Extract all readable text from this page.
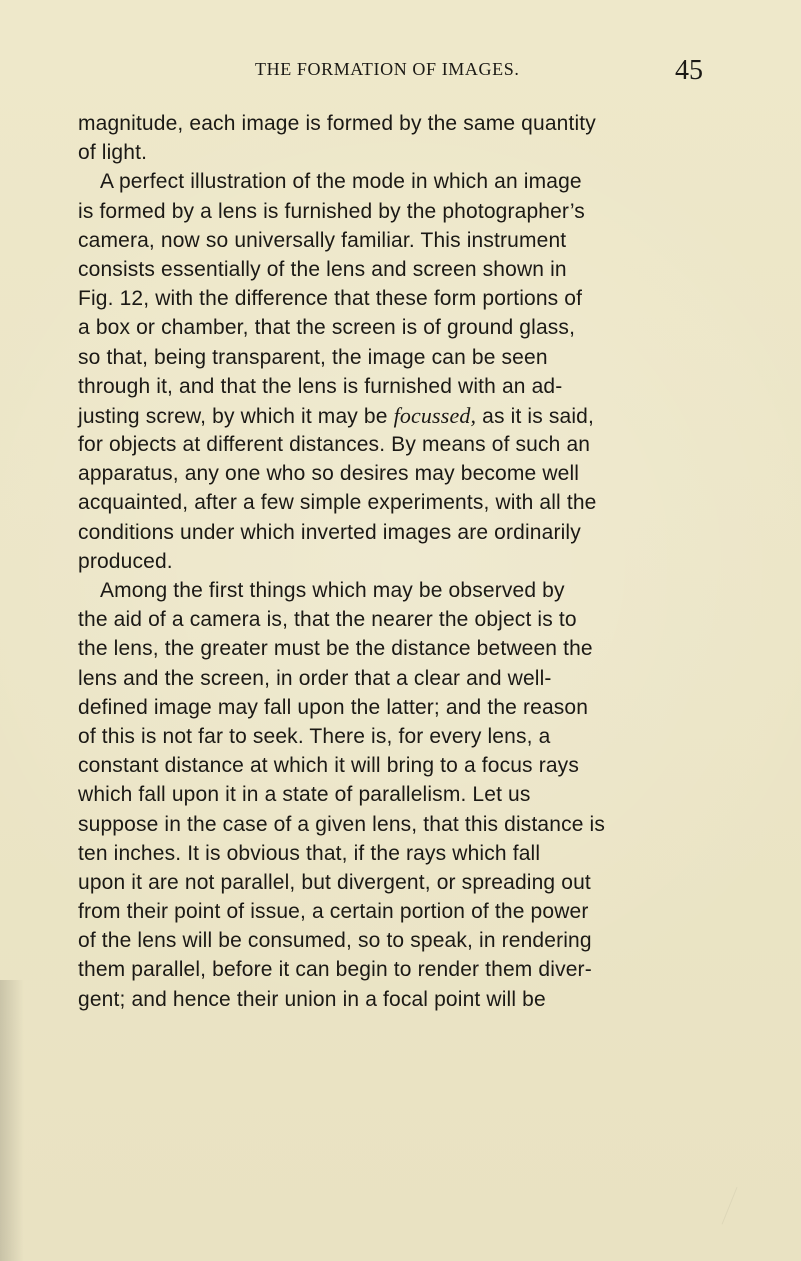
THE FORMATION OF IMAGES.	45
magnitude, each image is formed by the same quantity
of light.
A perfect illustration of the mode in which an image
is formed by a lens is furnished by the photographer’s
camera, now so universally familiar. This instrument
consists essentially of the lens and screen shown in
Fig. 12, with the difference that these form portions of
a box or chamber, that the screen is of ground glass,
so that, being transparent, the image can be seen
through it, and that the lens is furnished with an ad-
justing screw, by which it may be focussed, as it is said,
for objects at different distances. By means of such an
apparatus, any one who so desires may become well
acquainted, after a few simple experiments, with all the
conditions under which inverted images are ordinarily
produced.
Among the first things which may be observed by
the aid of a camera is, that the nearer the object is to
the lens, the greater must be the distance between the
lens and the screen, in order that a clear and well-
defined image may fall upon the latter; and the reason
of this is not far to seek. There is, for every lens, a
constant distance at which it will bring to a focus rays
which fall upon it in a state of parallelism. Let us
suppose in the case of a given lens, that this distance is
ten inches. It is obvious that, if the rays which fall
upon it are not parallel, but divergent, or spreading out
from their point of issue, a certain portion of the power
of the lens will be consumed, so to speak, in rendering
them parallel, before it can begin to render them diver-
gent; and hence their union in a focal point will be
